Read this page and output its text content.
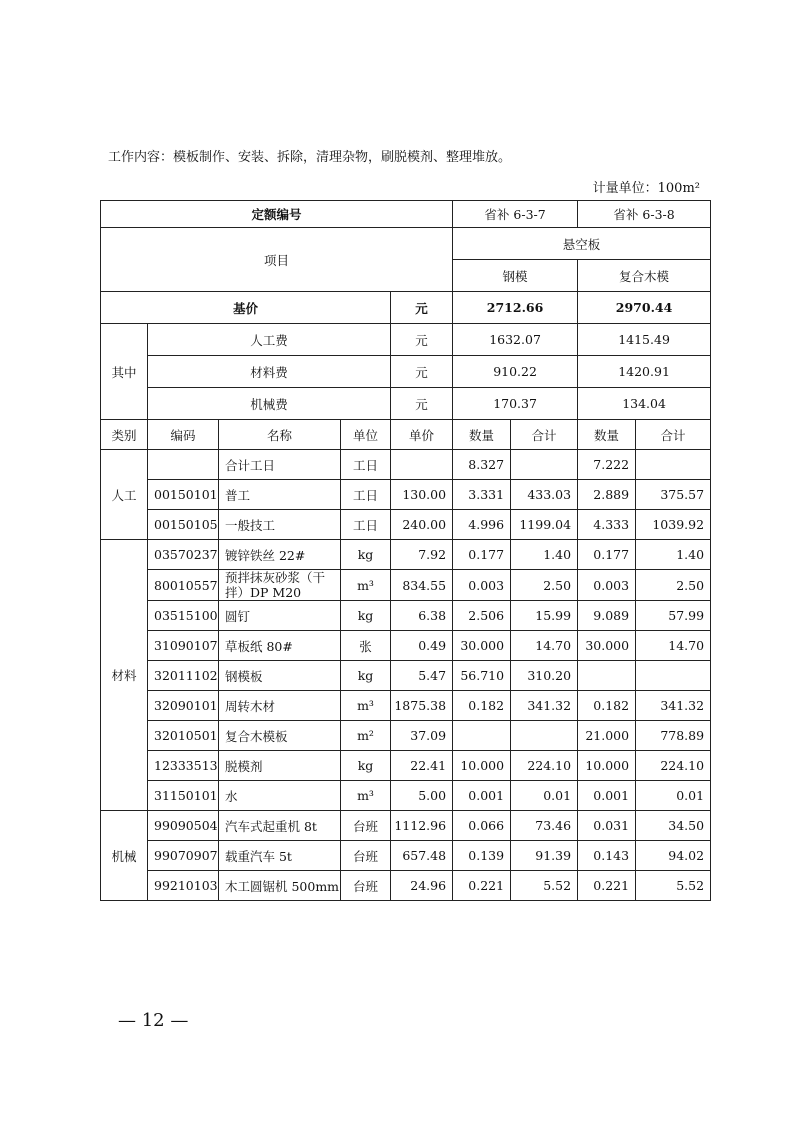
工作内容：模板制作、安装、拆除，清理杂物，刷脱模剂、整理堆放。
计量单位：100m²
定额编号					省补 6-3-7		省补 6-3-8	
项目					悬空板			
					钢模		复合木模	
基价				元	2712.66		2970.44	
其中	人工费			元	1632.07		1415.49	
	材料费			元	910.22		1420.91	
	机械费			元	170.37		134.04	
类别	编码	名称	单位	单价	数量	合计	数量	合计
人工		合计工日	工日		8.327		7.222	
	00150101	普工	工日	130.00	3.331	433.03	2.889	375.57
	00150105	一般技工	工日	240.00	4.996	1199.04	4.333	1039.92
材料	03570237	镀锌铁丝 22#	kg	7.92	0.177	1.40	0.177	1.40
	80010557	预拌抹灰砂浆（干拌）DP M20	m³	834.55	0.003	2.50	0.003	2.50
	03515100	圆钉	kg	6.38	2.506	15.99	9.089	57.99
	31090107	草板纸 80#	张	0.49	30.000	14.70	30.000	14.70
	32011102	钢模板	kg	5.47	56.710	310.20		
	32090101	周转木材	m³	1875.38	0.182	341.32	0.182	341.32
	32010501	复合木模板	m²	37.09			21.000	778.89
	12333513	脱模剂	kg	22.41	10.000	224.10	10.000	224.10
	31150101	水	m³	5.00	0.001	0.01	0.001	0.01
机械	99090504	汽车式起重机 8t	台班	1112.96	0.066	73.46	0.031	34.50
	99070907	载重汽车 5t	台班	657.48	0.139	91.39	0.143	94.02
	99210103	木工圆锯机 500mm	台班	24.96	0.221	5.52	0.221	5.52
— 12 —
